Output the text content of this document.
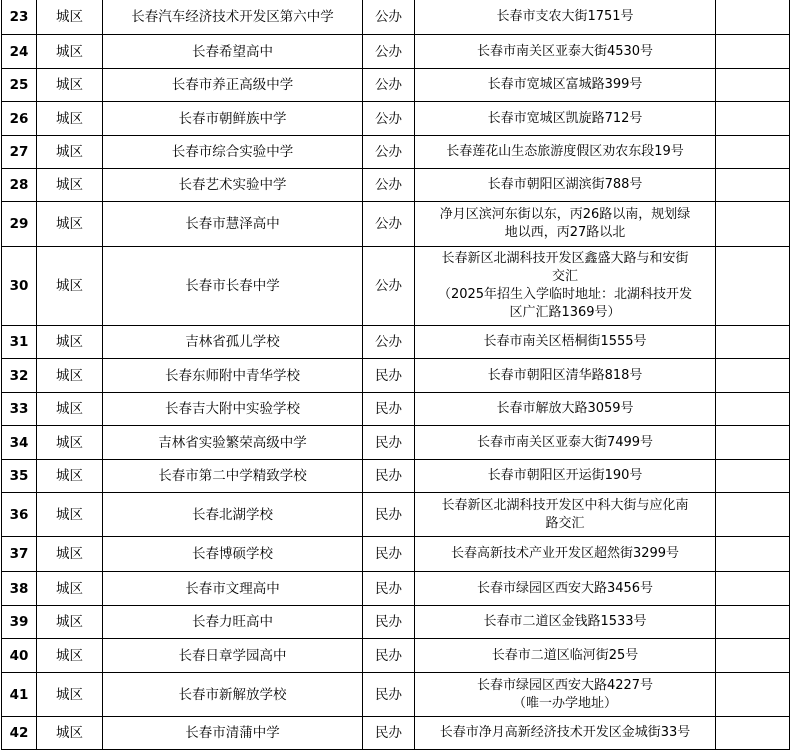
23	城区	长春汽车经济技术开发区第六中学	公办	长春市支农大街1751号	

24	城区	长春希望高中	公办	长春市南关区亚泰大街4530号	

25	城区	长春市养正高级中学	公办	长春市宽城区富城路399号	

26	城区	长春市朝鲜族中学	公办	长春市宽城区凯旋路712号	

27	城区	长春市综合实验中学	公办	长春莲花山生态旅游度假区劝农东段19号	

28	城区	长春艺术实验中学	公办	长春市朝阳区湖滨街788号	

29	城区	长春市慧泽高中	公办	净月区滨河东街以东，丙26路以南，规划绿
地以西，丙27路以北	

30	城区	长春市长春中学	公办	长春新区北湖科技开发区鑫盛大路与和安街
交汇
（2025年招生入学临时地址：北湖科技开发
区广汇路1369号）	

31	城区	吉林省孤儿学校	公办	长春市南关区梧桐街1555号	

32	城区	长春东师附中青华学校	民办	长春市朝阳区清华路818号	

33	城区	长春吉大附中实验学校	民办	长春市解放大路3059号	

34	城区	吉林省实验繁荣高级中学	民办	长春市南关区亚泰大街7499号	

35	城区	长春市第二中学精致学校	民办	长春市朝阳区开运街190号	

36	城区	长春北湖学校	民办	长春新区北湖科技开发区中科大街与应化南
路交汇	

37	城区	长春博硕学校	民办	长春高新技术产业开发区超然街3299号	

38	城区	长春市文理高中	民办	长春市绿园区西安大路3456号	

39	城区	长春力旺高中	民办	长春市二道区金钱路1533号	

40	城区	长春日章学园高中	民办	长春市二道区临河街25号	

41	城区	长春市新解放学校	民办	长春市绿园区西安大路4227号
（唯一办学地址）	

42	城区	长春市清蒲中学	民办	长春市净月高新经济技术开发区金城街33号	
